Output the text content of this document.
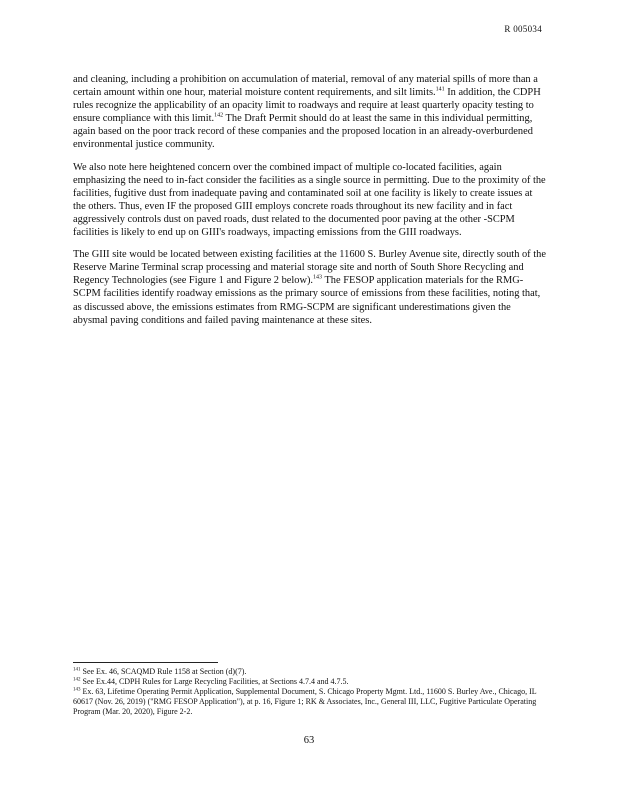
R 005034

and cleaning, including a prohibition on accumulation of material, removal of any material spills of more than a certain amount within one hour, material moisture content requirements, and silt limits.$^{141}$ In addition, the CDPH rules recognize the applicability of an opacity limit to roadways and require at least quarterly opacity testing to ensure compliance with this limit.$^{142}$ The Draft Permit should do at least the same in this individual permitting, again based on the poor track record of these companies and the proposed location in an already-overburdened environmental justice community.

We also note here heightened concern over the combined impact of multiple co-located facilities, again emphasizing the need to in-fact consider the facilities as a single source in permitting. Due to the proximity of the facilities, fugitive dust from inadequate paving and contaminated soil at one facility is likely to create issues at the others. Thus, even IF the proposed GIII employs concrete roads throughout its new facility and in fact aggressively controls dust on paved roads, dust related to the documented poor paving at the other -SCPM facilities is likely to end up on GIII's roadways, impacting emissions from the GIII roadways.

The GIII site would be located between existing facilities at the 11600 S. Burley Avenue site, directly south of the Reserve Marine Terminal scrap processing and material storage site and north of South Shore Recycling and Regency Technologies (see Figure 1 and Figure 2 below).$^{143}$ The FESOP application materials for the RMG-SCPM facilities identify roadway emissions as the primary source of emissions from these facilities, noting that, as discussed above, the emissions estimates from RMG-SCPM are significant underestimations given the abysmal paving conditions and failed paving maintenance at these sites.

$^{141}$ See Ex. 46, SCAQMD Rule 1158 at Section (d)(7).
$^{142}$ See Ex.44, CDPH Rules for Large Recycling Facilities, at Sections 4.7.4 and 4.7.5.
$^{143}$ Ex. 63, Lifetime Operating Permit Application, Supplemental Document, S. Chicago Property Mgmt. Ltd., 11600 S. Burley Ave., Chicago, IL 60617 (Nov. 26, 2019) ("RMG FESOP Application"), at p. 16, Figure 1; RK & Associates, Inc., General III, LLC, Fugitive Particulate Operating Program (Mar. 20, 2020), Figure 2-2.
63
